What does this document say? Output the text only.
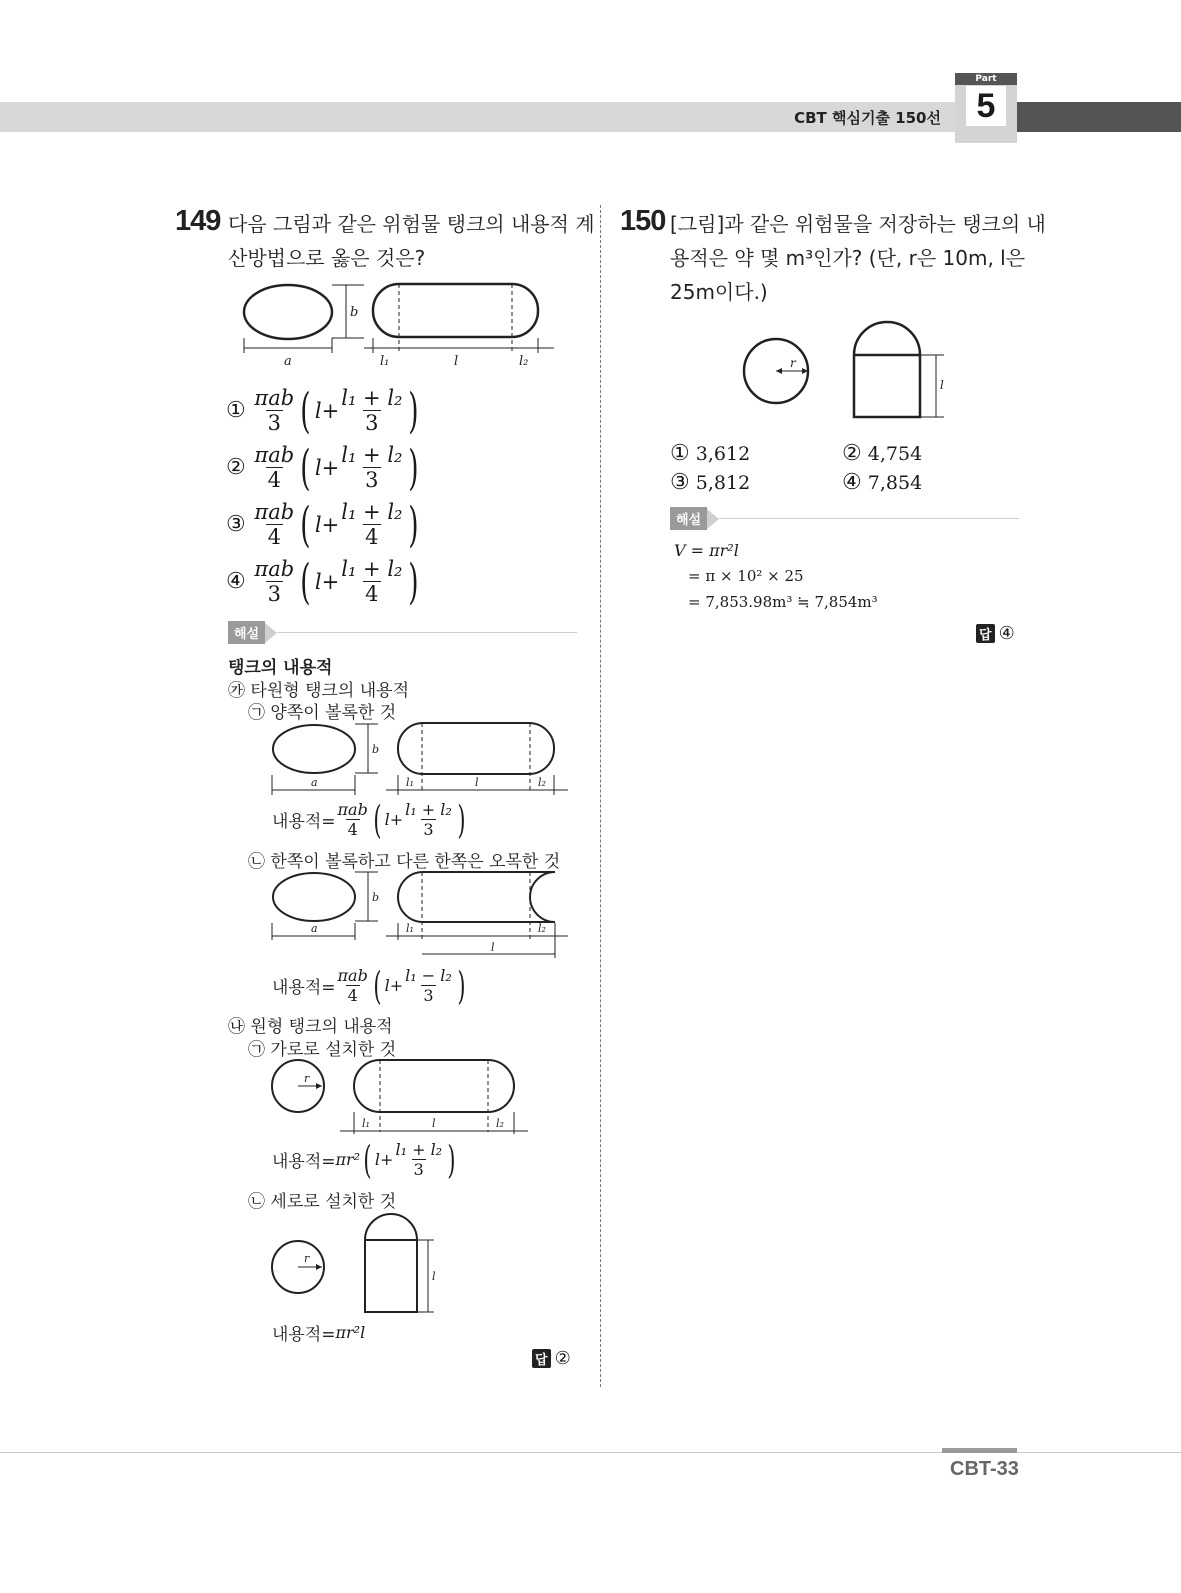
CBT 핵심기출 150선
Part
5
149 다음 그림과 같은 위험물 탱크의 내용적 계
산방법으로 옳은 것은?
b
a	l₁	l	l₂
①
$\frac{\text{πab}}{3}$ ( $l + \frac{\text{l₁ + l₂}}{3}$ )
②
$\frac{\text{πab}}{4}$ ( $l + \frac{\text{l₁ + l₂}}{3}$ )
③
$\frac{\text{πab}}{4}$ ( $l + \frac{\text{l₁ + l₂}}{4}$ )
④
$\frac{\text{πab}}{3}$ ( $l + \frac{\text{l₁ + l₂}}{4}$ )
해설
탱크의 내용적
㉮ 타원형 탱크의 내용적
㉠ 양쪽이 볼록한 것
b
a	l₁	l	l₂
내용적= $\frac{\text{πab}}{4}$ ( $l + \frac{\text{l₁ + l₂}}{3}$ )
㉡ 한쪽이 볼록하고 다른 한쪽은 오목한 것
b
a	l₁	l₂
l
내용적= $\frac{\text{πab}}{4}$ ( $l + \frac{\text{l₁ − l₂}}{3}$ )
㉯ 원형 탱크의 내용적
㉠ 가로로 설치한 것
r
l₁	l	l₂
내용적= πr² ( $l + \frac{\text{l₁ + l₂}}{3}$ )
㉡ 세로로 설치한 것
r
l
내용적= πr²l
답 ②
150 [그림]과 같은 위험물을 저장하는 탱크의 내
용적은 약 몇 m³인가? (단, r은 10m, l은
25m이다.)
r
l
① 3,612	② 4,754
③ 5,812	④ 7,854
해설
V = πr²l
= π × 10² × 25
= 7,853.98m³ ≒ 7,854m³
답 ④
CBT-33
